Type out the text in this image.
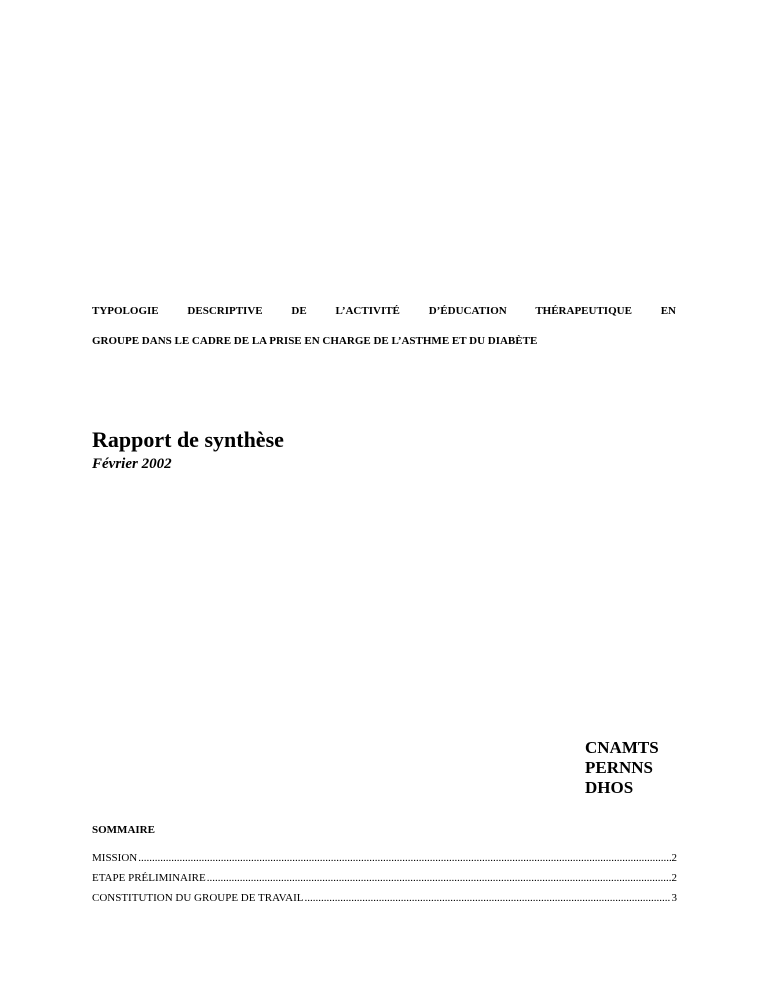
TYPOLOGIE DESCRIPTIVE DE L’ACTIVITÉ D’ÉDUCATION THÉRAPEUTIQUE EN
GROUPE DANS LE CADRE DE LA PRISE EN CHARGE DE L’ASTHME ET DU DIABÈTE
Rapport de synthèse
Février 2002
CNAMTS
PERNNS
DHOS
SOMMAIRE
MISSION .....	2
ETAPE PRÉLIMINAIRE .....	2
CONSTITUTION DU GROUPE DE TRAVAIL .....	3
